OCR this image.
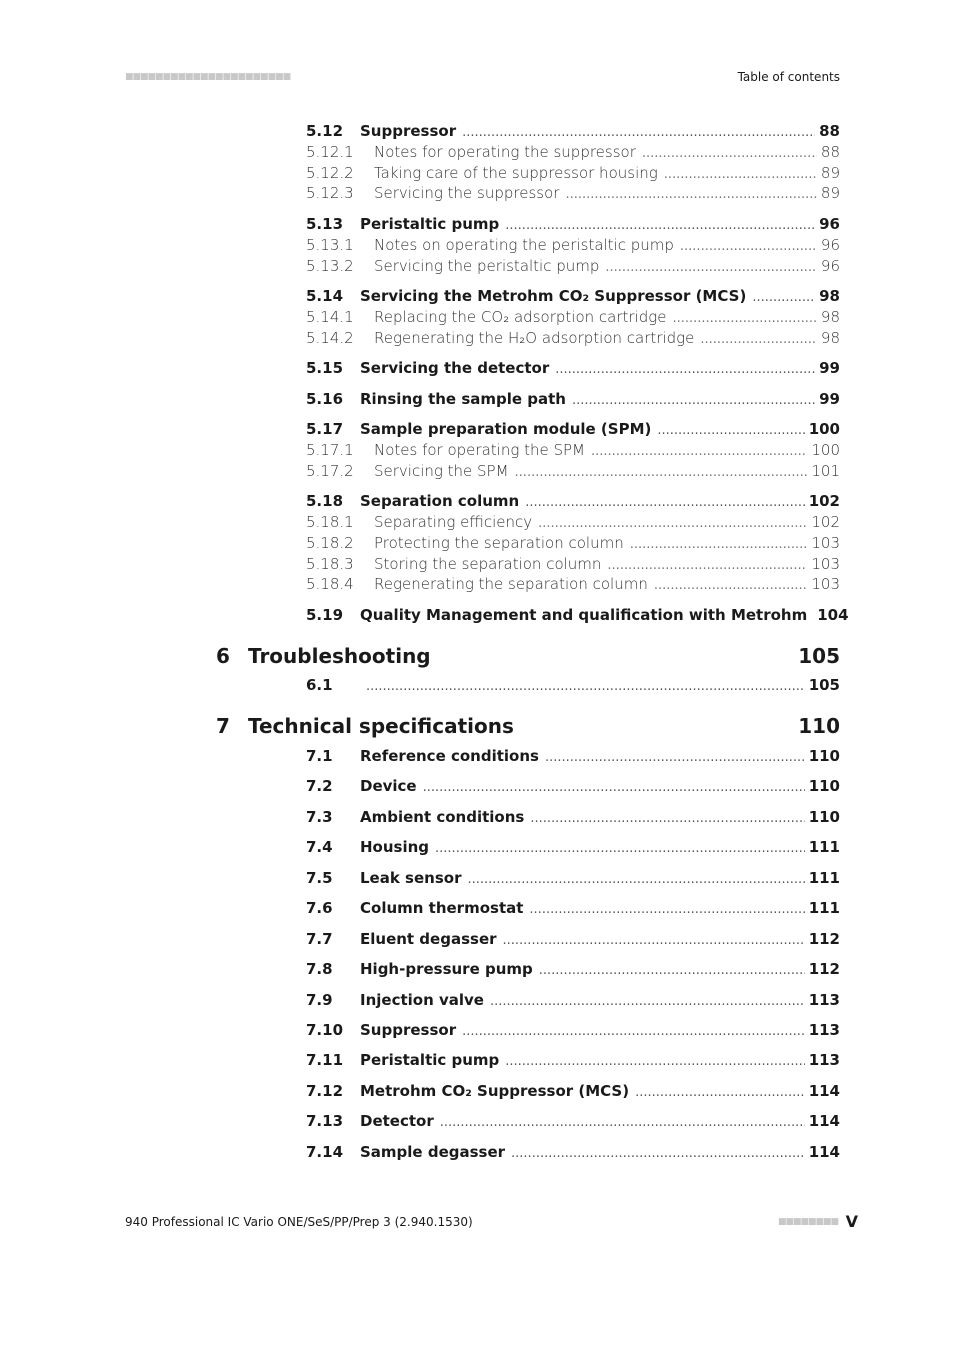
■■■■■■■■■■■■■■■■■■■■■■	Table of contents
5.12	Suppressor .....	88
5.12.1	Notes for operating the suppressor .....	88
5.12.2	Taking care of the suppressor housing .....	89
5.12.3	Servicing the suppressor .....	89
5.13	Peristaltic pump .....	96
5.13.1	Notes on operating the peristaltic pump .....	96
5.13.2	Servicing the peristaltic pump .....	96
5.14	Servicing the Metrohm CO₂ Suppressor (MCS) .....	98
5.14.1	Replacing the CO₂ adsorption cartridge .....	98
5.14.2	Regenerating the H₂O adsorption cartridge .....	98
5.15	Servicing the detector .....	99
5.16	Rinsing the sample path .....	99
5.17	Sample preparation module (SPM) .....	100
5.17.1	Notes for operating the SPM .....	100
5.17.2	Servicing the SPM .....	101
5.18	Separation column .....	102
5.18.1	Separating efficiency .....	102
5.18.2	Protecting the separation column .....	103
5.18.3	Storing the separation column .....	103
5.18.4	Regenerating the separation column .....	103
5.19	Quality Management and qualification with Metrohm 104
6 Troubleshooting	105
6.1 .....	105
7 Technical specifications	110
7.1	Reference conditions .....	110
7.2	Device .....	110
7.3	Ambient conditions .....	110
7.4	Housing .....	111
7.5	Leak sensor .....	111
7.6	Column thermostat .....	111
7.7	Eluent degasser .....	112
7.8	High-pressure pump .....	112
7.9	Injection valve .....	113
7.10	Suppressor .....	113
7.11	Peristaltic pump .....	113
7.12	Metrohm CO₂ Suppressor (MCS) .....	114
7.13	Detector .....	114
7.14	Sample degasser .....	114
940 Professional IC Vario ONE/SeS/PP/Prep 3 (2.940.1530)	■■■■■■■■ V
